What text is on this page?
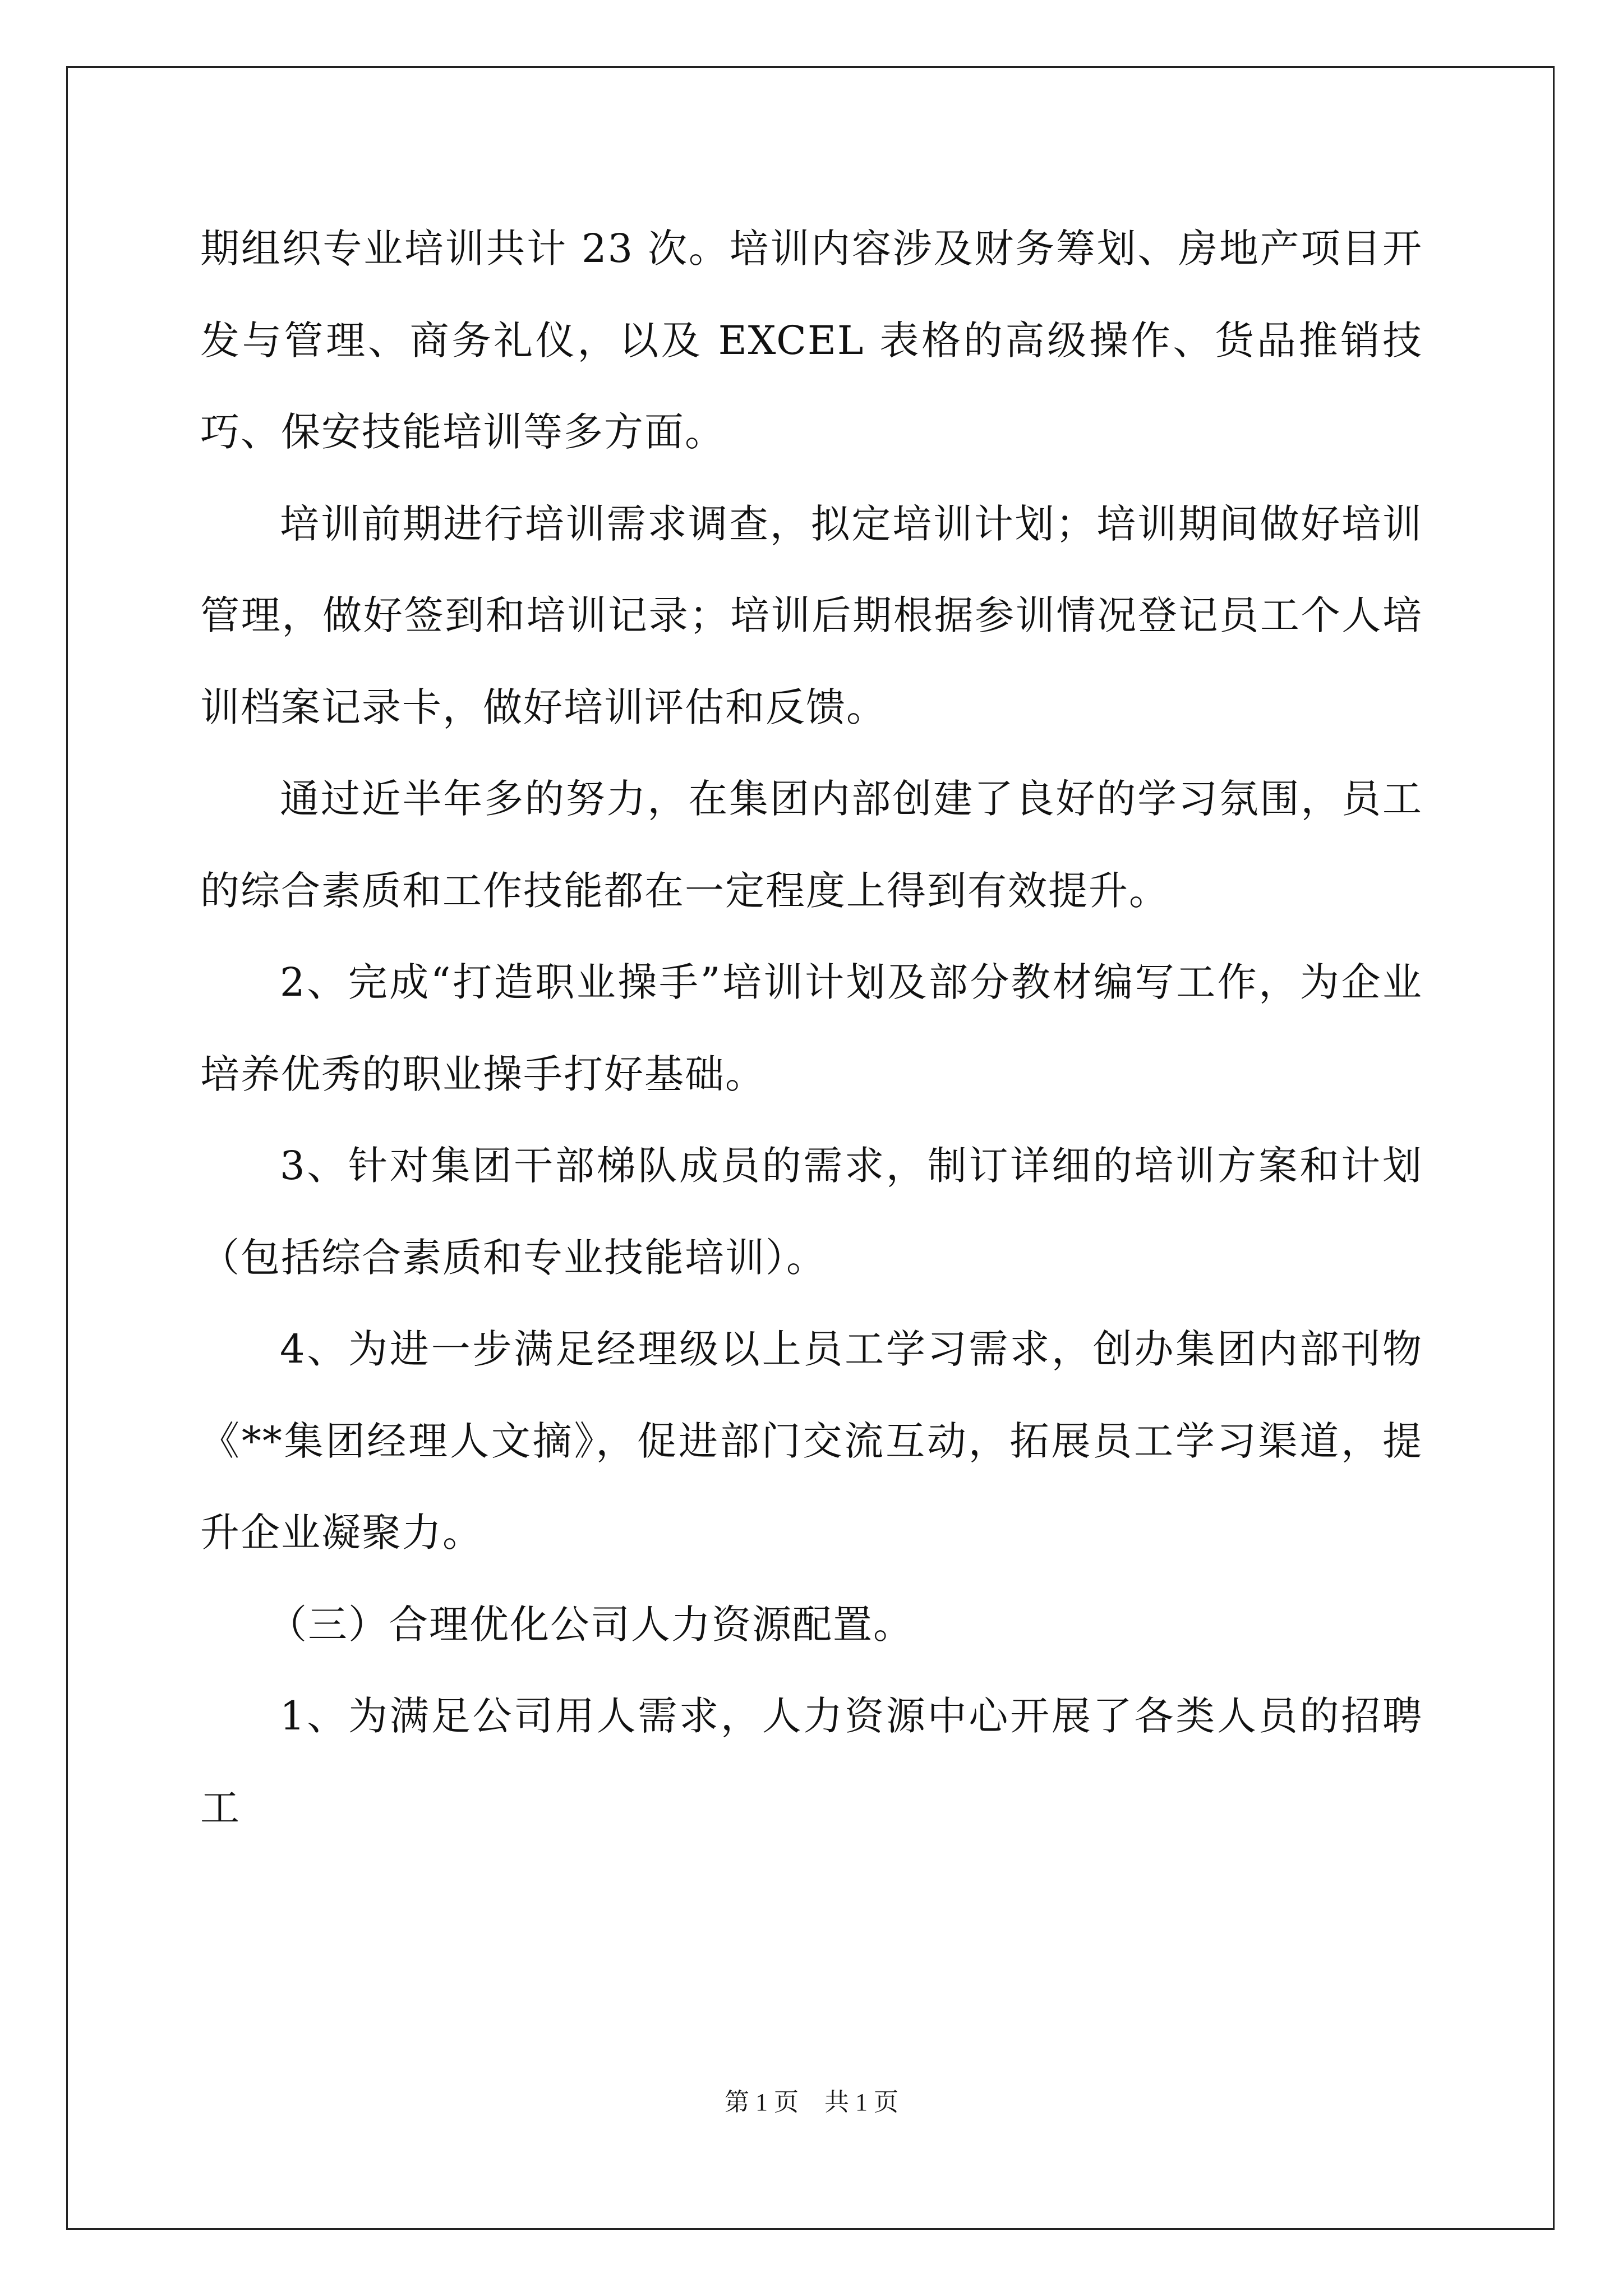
期组织专业培训共计 23 次。培训内容涉及财务筹划、房地产项目开发与管理、商务礼仪，以及 EXCEL 表格的高级操作、货品推销技巧、保安技能培训等多方面。

培训前期进行培训需求调查，拟定培训计划；培训期间做好培训管理，做好签到和培训记录；培训后期根据参训情况登记员工个人培训档案记录卡，做好培训评估和反馈。

通过近半年多的努力，在集团内部创建了良好的学习氛围，员工的综合素质和工作技能都在一定程度上得到有效提升。

2、完成“打造职业操手”培训计划及部分教材编写工作，为企业培养优秀的职业操手打好基础。

3、针对集团干部梯队成员的需求，制订详细的培训方案和计划（包括综合素质和专业技能培训）。

4、为进一步满足经理级以上员工学习需求，创办集团内部刊物《**集团经理人文摘》，促进部门交流互动，拓展员工学习渠道，提升企业凝聚力。

（三）合理优化公司人力资源配置。

1、为满足公司用人需求，人力资源中心开展了各类人员的招聘工

第 1 页 共 1 页
